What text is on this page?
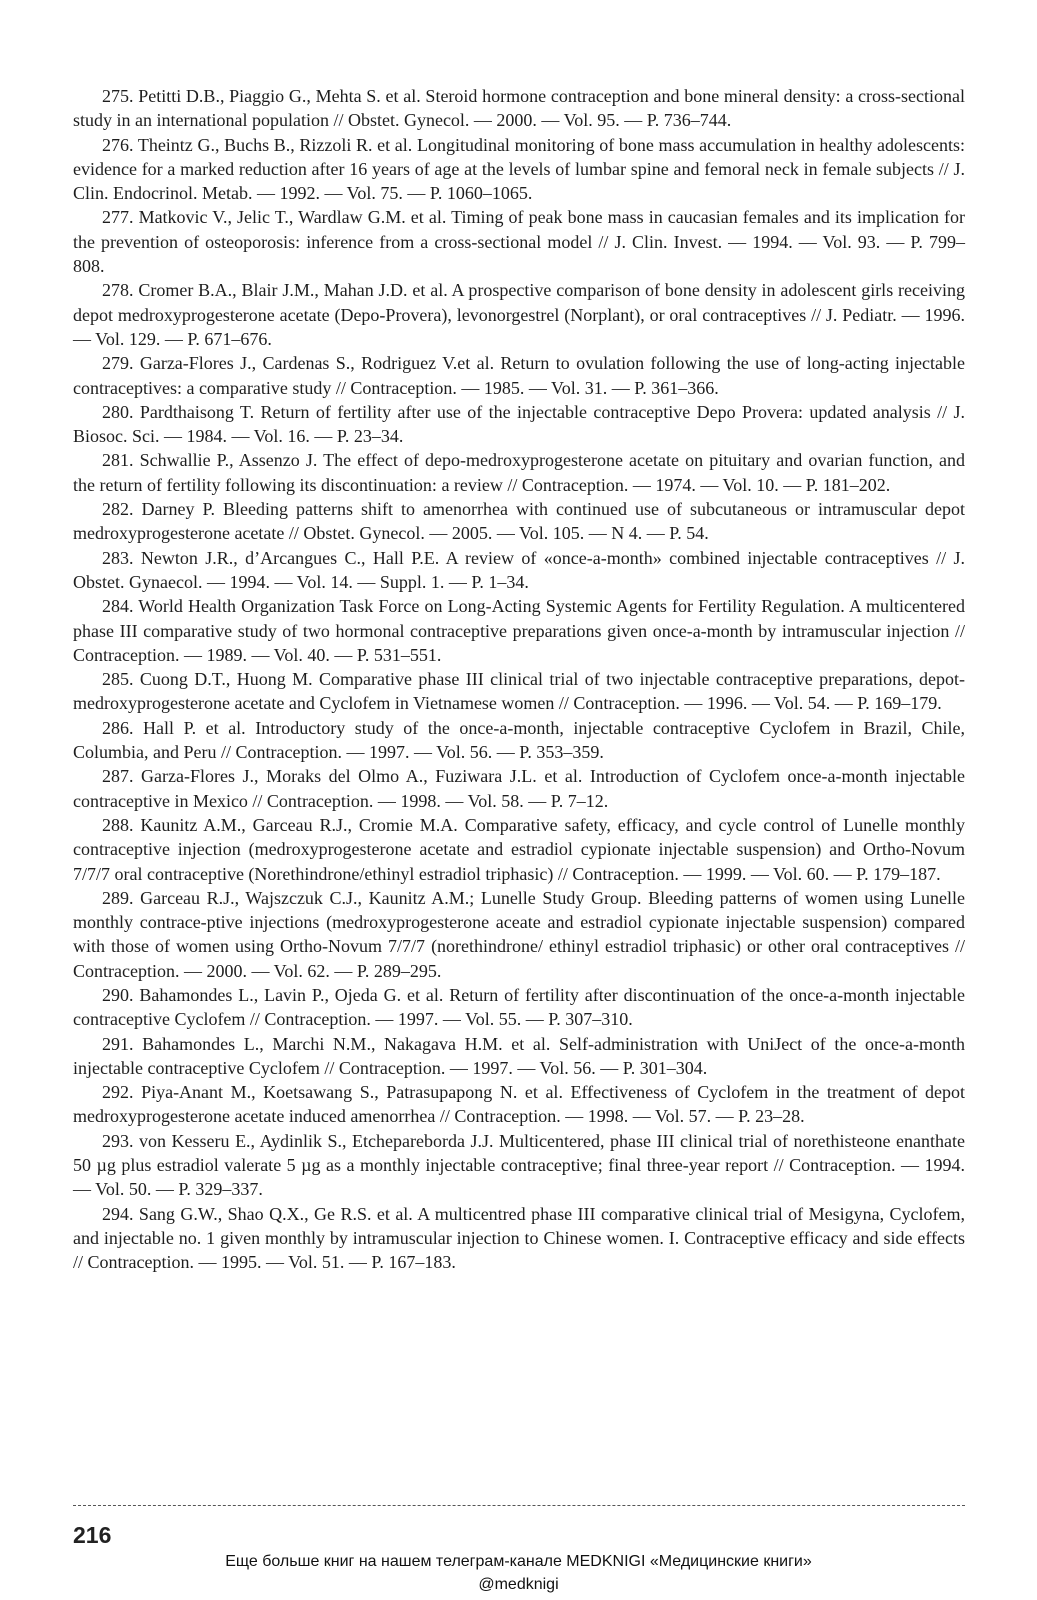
275. Petitti D.B., Piaggio G., Mehta S. et al. Steroid hormone contraception and bone mineral density: a cross-sectional study in an international population // Obstet. Gynecol. — 2000. — Vol. 95. — P. 736–744.

276. Theintz G., Buchs B., Rizzoli R. et al. Longitudinal monitoring of bone mass accumulation in healthy adolescents: evidence for a marked reduction after 16 years of age at the levels of lumbar spine and femoral neck in female subjects // J. Clin. Endocrinol. Metab. — 1992. — Vol. 75. — P. 1060–1065.

277. Matkovic V., Jelic T., Wardlaw G.M. et al. Timing of peak bone mass in caucasian females and its implication for the prevention of osteoporosis: inference from a cross-sectional model // J. Clin. Invest. — 1994. — Vol. 93. — P. 799–808.

278. Cromer B.A., Blair J.M., Mahan J.D. et al. A prospective comparison of bone density in adolescent girls receiving depot medroxyprogesterone acetate (Depo-Provera), levonorgestrel (Norplant), or oral contraceptives // J. Pediatr. — 1996. — Vol. 129. — P. 671–676.

279. Garza-Flores J., Cardenas S., Rodriguez V.et al. Return to ovulation following the use of long-acting injectable contraceptives: a comparative study // Contraception. — 1985. — Vol. 31. — P. 361–366.

280. Pardthaisong T. Return of fertility after use of the injectable contraceptive Depo Provera: updated analysis // J. Biosoc. Sci. — 1984. — Vol. 16. — P. 23–34.

281. Schwallie P., Assenzo J. The effect of depo-medroxyprogesterone acetate on pituitary and ovarian function, and the return of fertility following its discontinuation: a review // Contraception. — 1974. — Vol. 10. — P. 181–202.

282. Darney P. Bleeding patterns shift to amenorrhea with continued use of subcutaneous or intramuscular depot medroxyprogesterone acetate // Obstet. Gynecol. — 2005. — Vol. 105. — N 4. — P. 54.

283. Newton J.R., d’Arcangues C., Hall P.E. A review of «once-a-month» combined injectable contraceptives // J. Obstet. Gynaecol. — 1994. — Vol. 14. — Suppl. 1. — P. 1–34.

284. World Health Organization Task Force on Long-Acting Systemic Agents for Fertility Regulation. A multicentered phase III comparative study of two hormonal contraceptive preparations given once-a-month by intramuscular injection // Contraception. — 1989. — Vol. 40. — P. 531–551.

285. Cuong D.T., Huong M. Comparative phase III clinical trial of two injectable contraceptive preparations, depot-medroxyprogesterone acetate and Cyclofem in Vietnamese women // Contraception. — 1996. — Vol. 54. — P. 169–179.

286. Hall P. et al. Introductory study of the once-a-month, injectable contraceptive Cyclofem in Brazil, Chile, Columbia, and Peru // Contraception. — 1997. — Vol. 56. — P. 353–359.

287. Garza-Flores J., Moraks del Olmo A., Fuziwara J.L. et al. Introduction of Cyclofem once-a-month injectable contraceptive in Mexico // Contraception. — 1998. — Vol. 58. — P. 7–12.

288. Kaunitz A.M., Garceau R.J., Cromie M.A. Comparative safety, efficacy, and cycle control of Lunelle monthly contraceptive injection (medroxyprogesterone acetate and estradiol cypionate injectable suspension) and Ortho-Novum 7/7/7 oral contraceptive (Norethindrone/ethinyl estradiol triphasic) // Contraception. — 1999. — Vol. 60. — P. 179–187.

289. Garceau R.J., Wajszczuk C.J., Kaunitz A.M.; Lunelle Study Group. Bleeding patterns of women using Lunelle monthly contrace-ptive injections (medroxyprogesterone aceate and estradiol cypionate injectable suspension) compared with those of women using Ortho-Novum 7/7/7 (norethindrone/ ethinyl estradiol triphasic) or other oral contraceptives // Contraception. — 2000. — Vol. 62. — P. 289–295.

290. Bahamondes L., Lavin P., Ojeda G. et al. Return of fertility after discontinuation of the once-a-month injectable contraceptive Cyclofem // Contraception. — 1997. — Vol. 55. — P. 307–310.

291. Bahamondes L., Marchi N.M., Nakagava H.M. et al. Self-administration with UniJect of the once-a-month injectable contraceptive Cyclofem // Contraception. — 1997. — Vol. 56. — P. 301–304.

292. Piya-Anant M., Koetsawang S., Patrasupapong N. et al. Effectiveness of Cyclofem in the treatment of depot medroxyprogesterone acetate induced amenorrhea // Contraception. — 1998. — Vol. 57. — P. 23–28.

293. von Kesseru E., Aydinlik S., Etchepareborda J.J. Multicentered, phase III clinical trial of norethisteone enanthate 50 µg plus estradiol valerate 5 µg as a monthly injectable contraceptive; final three-year report // Contraception. — 1994. — Vol. 50. — P. 329–337.

294. Sang G.W., Shao Q.X., Ge R.S. et al. A multicentred phase III comparative clinical trial of Mesigyna, Cyclofem, and injectable no. 1 given monthly by intramuscular injection to Chinese women. I. Contraceptive efficacy and side effects // Contraception. — 1995. — Vol. 51. — P. 167–183.

216
Еще больше книг на нашем телеграм-канале MEDKNIGI «Медицинские книги»
@medknigi
